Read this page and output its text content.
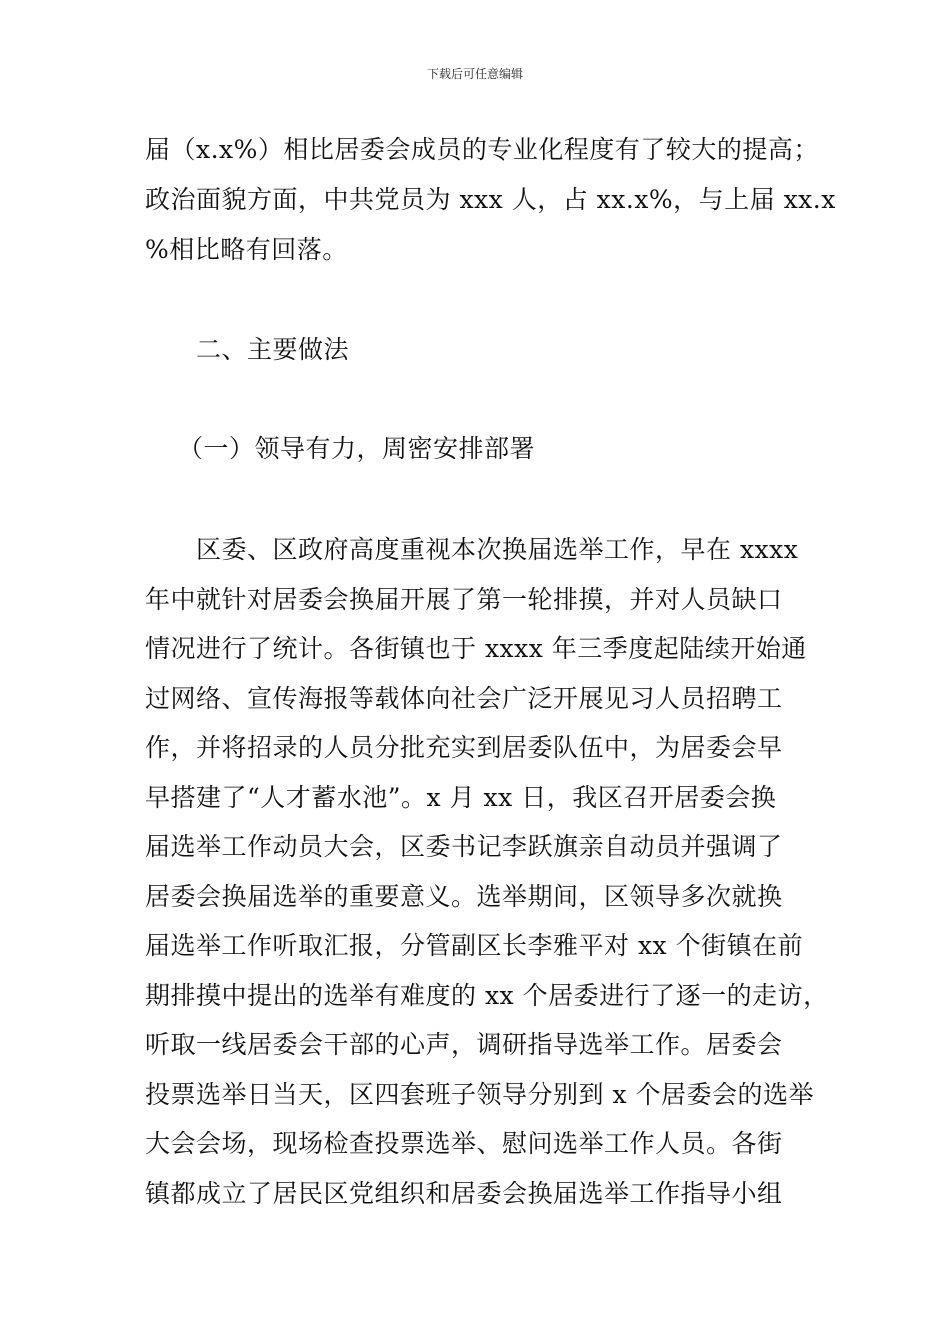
下载后可任意编辑
届（x.x%）相比居委会成员的专业化程度有了较大的提高；
政治面貌方面，中共党员为 xxx 人，占 xx.x%，与上届 xx.x
%相比略有回落。
二、主要做法
（一）领导有力，周密安排部署
区委、区政府高度重视本次换届选举工作，早在 xxxx
年中就针对居委会换届开展了第一轮排摸，并对人员缺口
情况进行了统计。各街镇也于 xxxx 年三季度起陆续开始通
过网络、宣传海报等载体向社会广泛开展见习人员招聘工
作，并将招录的人员分批充实到居委队伍中，为居委会早
早搭建了“人才蓄水池”。x 月 xx 日，我区召开居委会换
届选举工作动员大会，区委书记李跃旗亲自动员并强调了
居委会换届选举的重要意义。选举期间，区领导多次就换
届选举工作听取汇报，分管副区长李雅平对 xx 个街镇在前
期排摸中提出的选举有难度的 xx 个居委进行了逐一的走访，
听取一线居委会干部的心声，调研指导选举工作。居委会
投票选举日当天，区四套班子领导分别到 x 个居委会的选举
大会会场，现场检查投票选举、慰问选举工作人员。各街
镇都成立了居民区党组织和居委会换届选举工作指导小组
